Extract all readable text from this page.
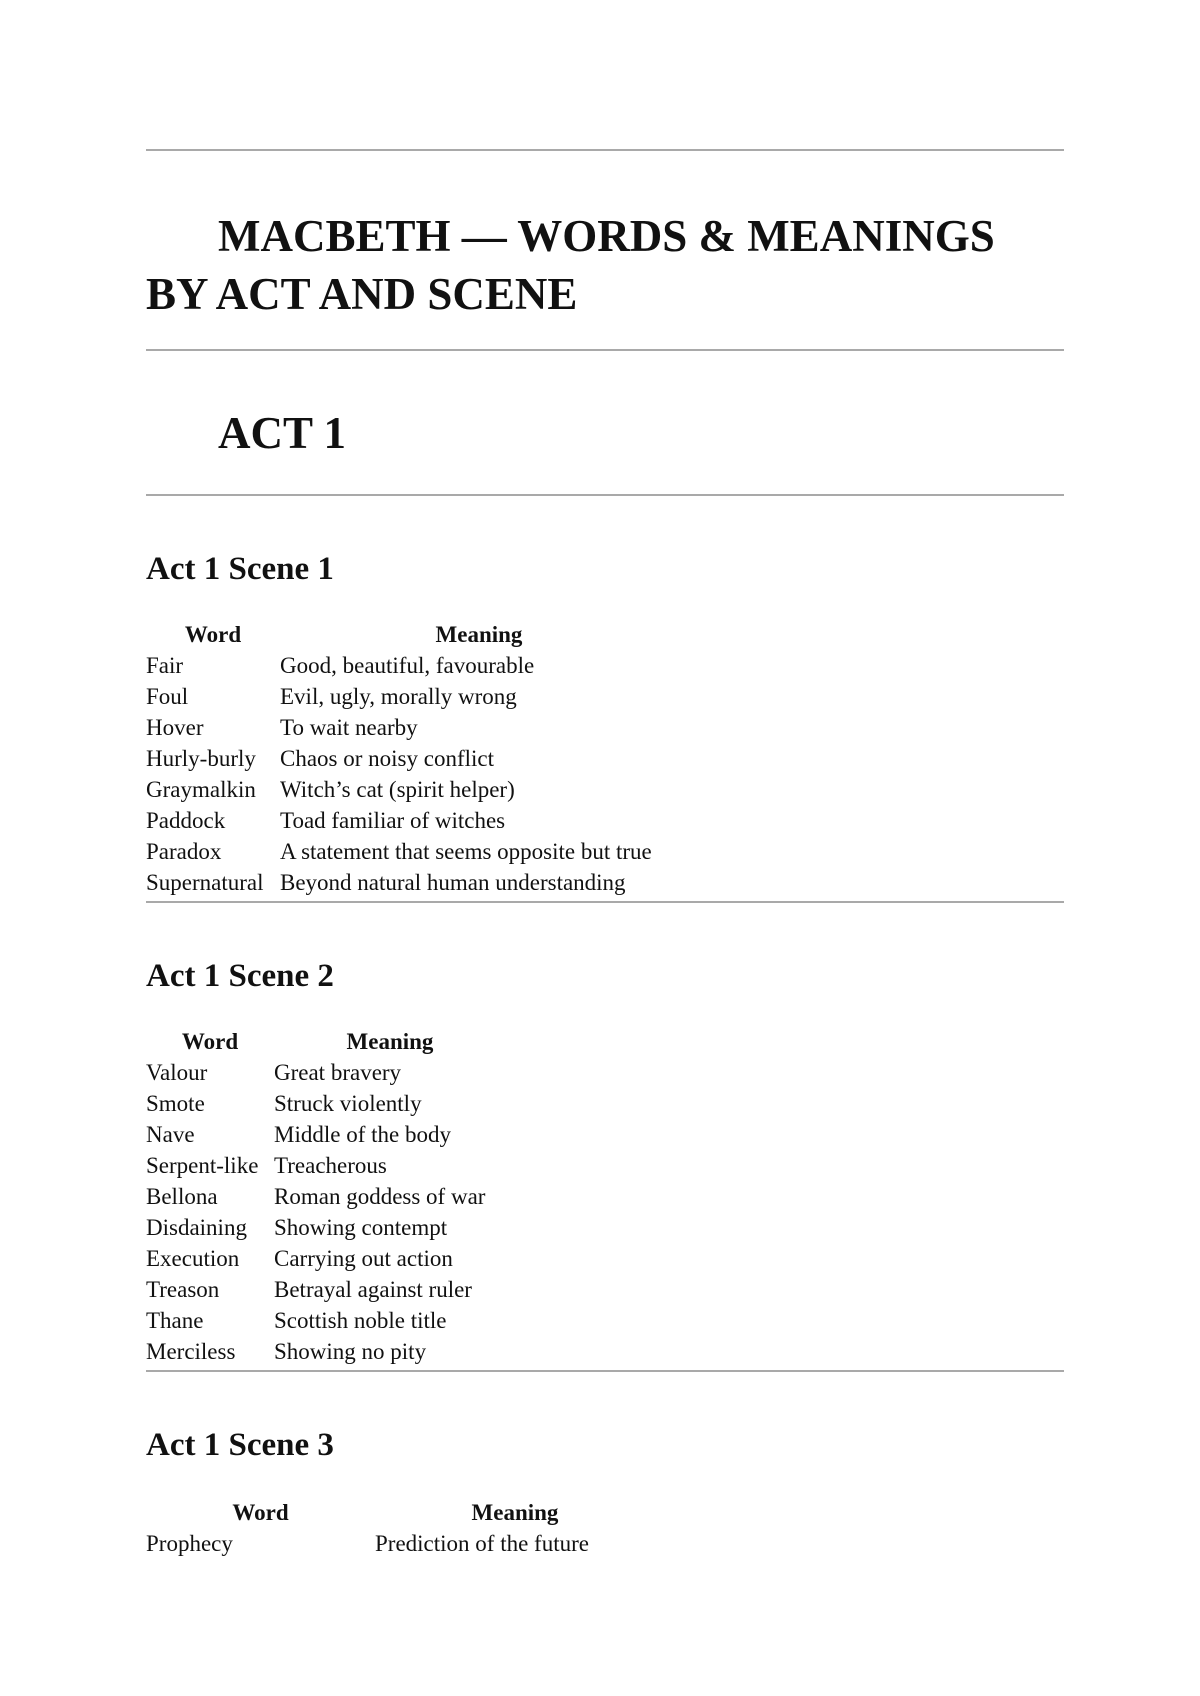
MACBETH — WORDS & MEANINGS BY ACT AND SCENE
ACT 1
Act 1 Scene 1
Word	Meaning
Fair	Good, beautiful, favourable
Foul	Evil, ugly, morally wrong
Hover	To wait nearby
Hurly-burly	Chaos or noisy conflict
Graymalkin	Witch’s cat (spirit helper)
Paddock	Toad familiar of witches
Paradox	A statement that seems opposite but true
Supernatural	Beyond natural human understanding
Act 1 Scene 2
Word	Meaning
Valour	Great bravery
Smote	Struck violently
Nave	Middle of the body
Serpent-like	Treacherous
Bellona	Roman goddess of war
Disdaining	Showing contempt
Execution	Carrying out action
Treason	Betrayal against ruler
Thane	Scottish noble title
Merciless	Showing no pity
Act 1 Scene 3
Word	Meaning
Prophecy	Prediction of the future
